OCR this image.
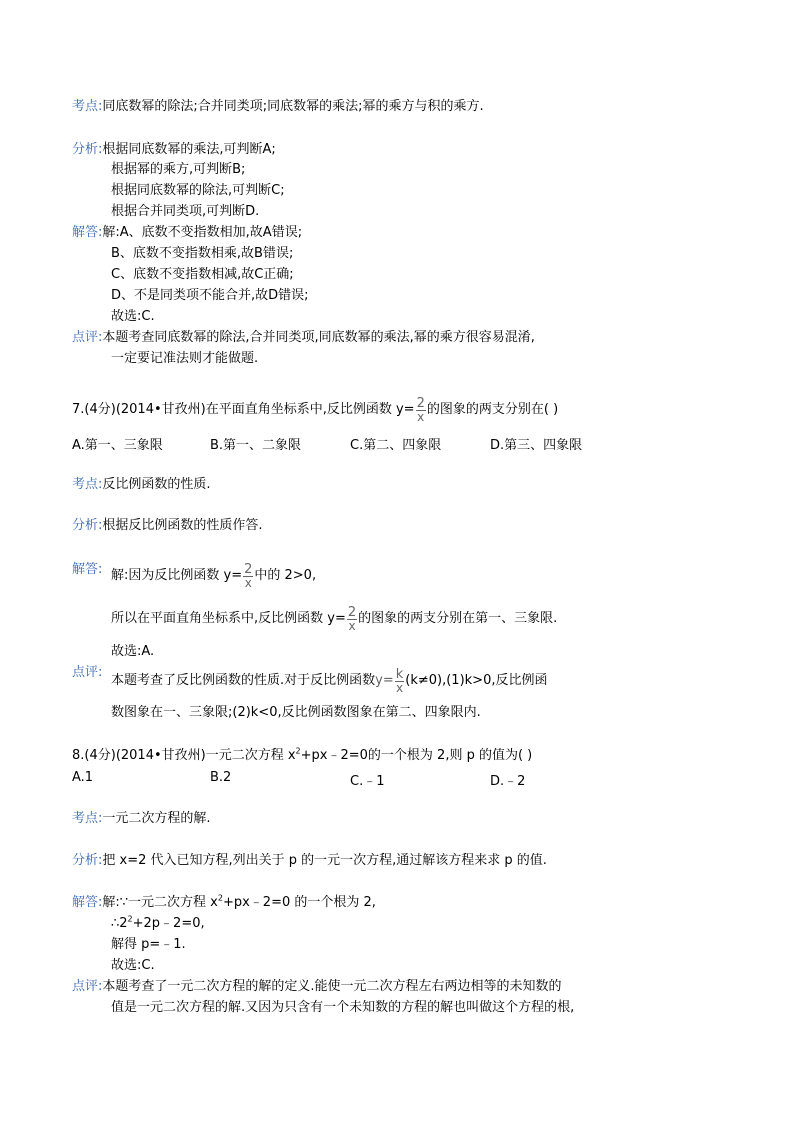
考点:同底数幂的除法;合并同类项;同底数幂的乘法;幂的乘方与积的乘方.
分析:根据同底数幂的乘法,可判断A;
根据幂的乘方,可判断B;
根据同底数幂的除法,可判断C;
根据合并同类项,可判断D.
解答:解:A、底数不变指数相加,故A错误;
B、底数不变指数相乘,故B错误;
C、底数不变指数相减,故C正确;
D、不是同类项不能合并,故D错误;
故选:C.
点评:本题考查同底数幂的除法,合并同类项,同底数幂的乘法,幂的乘方很容易混淆,
一定要记准法则才能做题.
7.(4分)(2014•甘孜州)在平面直角坐标系中,反比例函数 $y= \frac{2}{x}$ 的图象的两支分别在( )
A.第一、三象限	B.第一、二象限	C.第二、四象限	D.第三、四象限
考点:反比例函数的性质.
分析:根据反比例函数的性质作答.
解答: 解:因为反比例函数 $y= \frac{2}{x}$ 中的 2>0,
所以在平面直角坐标系中,反比例函数 $y= \frac{2}{x}$ 的图象的两支分别在第一、三象限.
故选:A.
点评:
本题考查了反比例函数的性质.对于反比例函数$y= \frac{k}{x} (k\ne 0),(1)k>0$,反比例函
数图象在一、三象限;(2)k<0,反比例函数图象在第二、四象限内.
8.(4分)(2014•甘孜州)一元二次方程 $x^2+px﹣2=0$的一个根为 2,则 p 的值为( )
A.1	B.2	C.﹣1	D.﹣2
考点:一元二次方程的解.
分析:把 x=2 代入已知方程,列出关于 p 的一元一次方程,通过解该方程来求 p 的值.
解答:解:∵一元二次方程 $x^2+px﹣2=0$ 的一个根为 2,
$\therefore 2^2+2p﹣2=0$,
解得 p=﹣1.
故选:C.
点评:本题考查了一元二次方程的解的定义.能使一元二次方程左右两边相等的未知数的
值是一元二次方程的解.又因为只含有一个未知数的方程的解也叫做这个方程的根,
